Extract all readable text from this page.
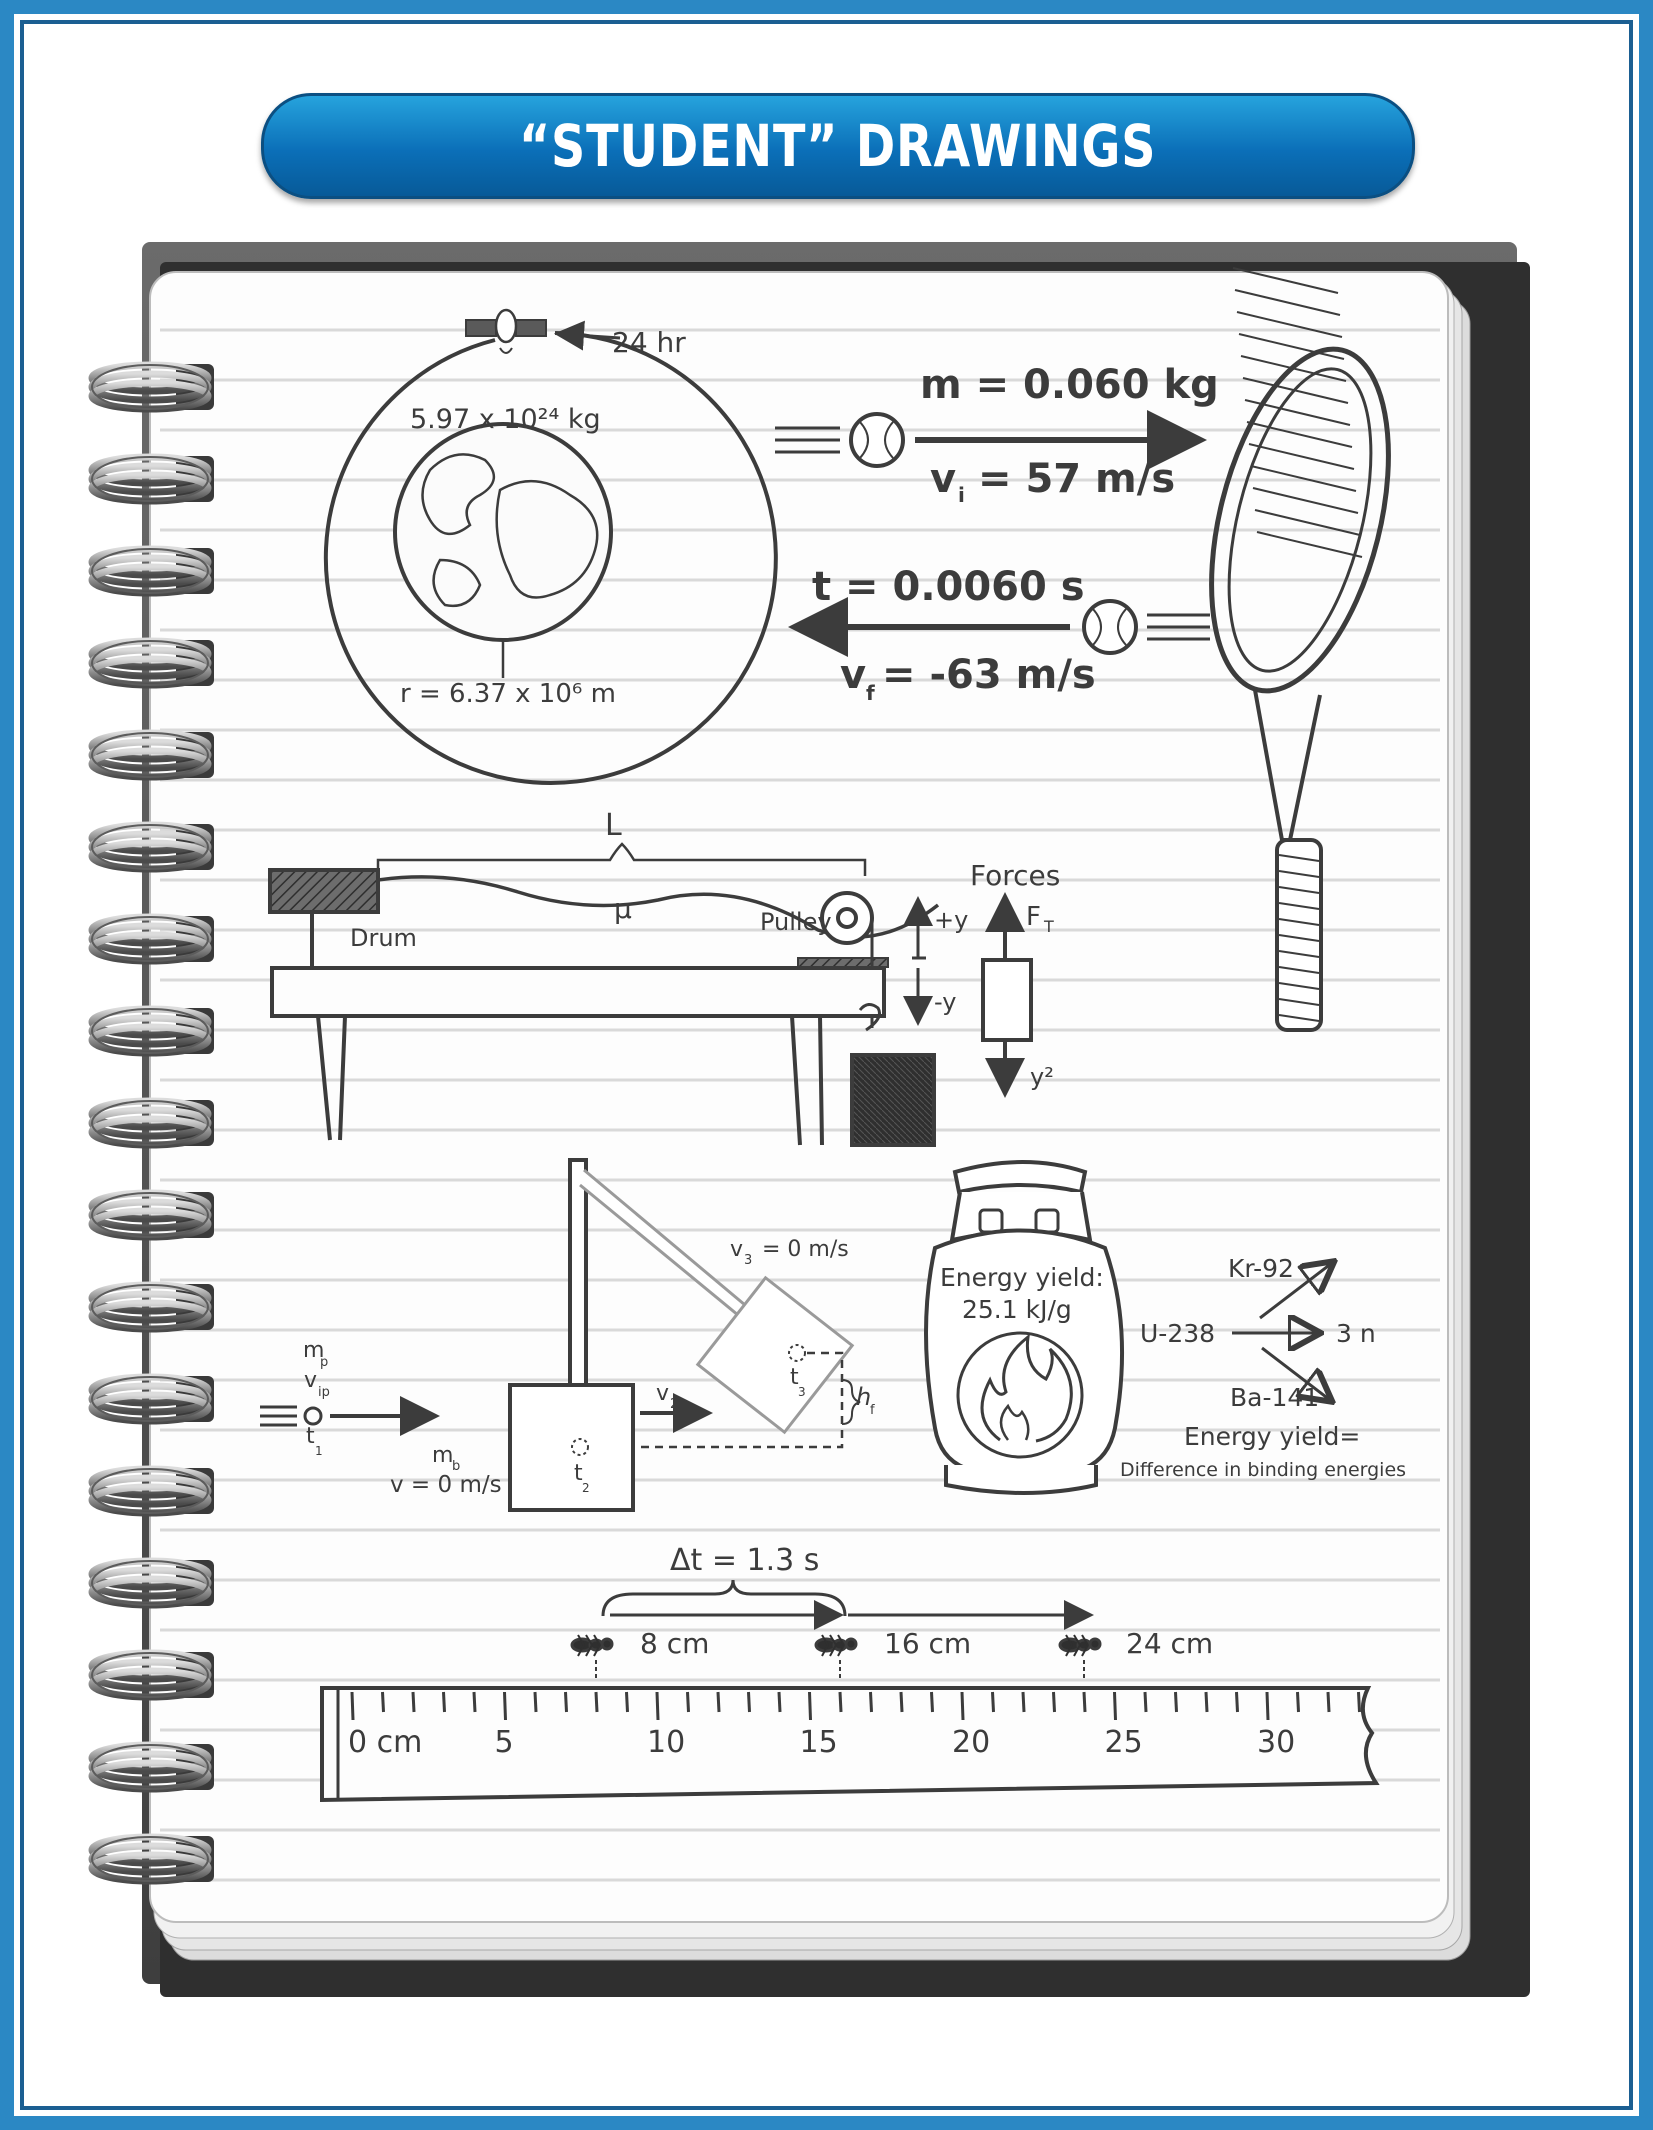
“STUDENT” DRAWINGS
24 hr
5.97 x 10²⁴ kg
r = 6.37 x 10⁶ m
m = 0.060 kg
v i = 57 m/s
t = 0.0060 s
v f = -63 m/s
L
μ
Drum
Pulley
Forces
F T
+y
-y
y²
m
p
v ip
t
1	m
b
v = 0 m/s	t
2
v 2
v 3 = 0 m/s
t
3 h
f
Energy yield:
25.1 kJ/g
U-238
Kr-92
3 n
Ba-141
Energy yield=
Difference in binding energies
0 cm 5	10	15	20	25	30
Δt = 1.3 s
8 cm	16 cm	24 cm
